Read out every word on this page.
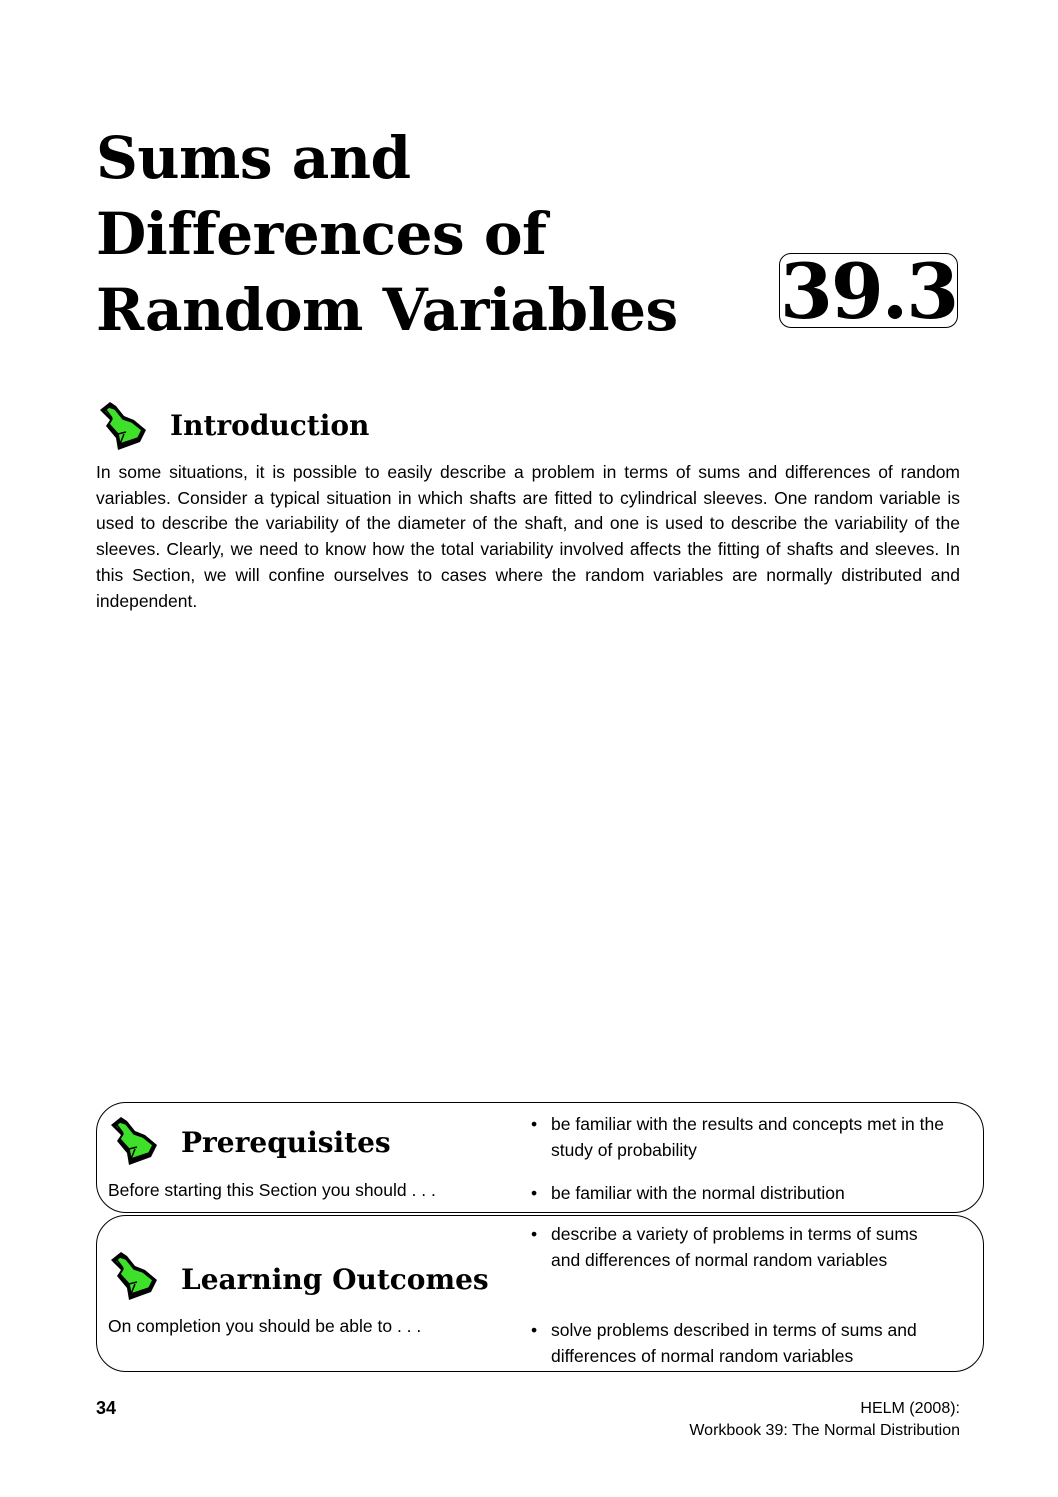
Sums and
Differences of
Random Variables 39.3
Introduction

In some situations, it is possible to easily describe a problem in terms of sums and differences of random variables. Consider a typical situation in which shafts are fitted to cylindrical sleeves. One random variable is used to describe the variability of the diameter of the shaft, and one is used to describe the variability of the sleeves. Clearly, we need to know how the total variability involved affects the fitting of shafts and sleeves. In this Section, we will confine ourselves to cases where the random variables are normally distributed and independent.

Prerequisites

Before starting this Section you should . . .

• be familiar with the results and concepts met in the study of probability
• be familiar with the normal distribution
Learning Outcomes

On completion you should be able to . . .

• describe a variety of problems in terms of sums and differences of normal random variables
• solve problems described in terms of sums and differences of normal random variables

34	HELM (2008):
Workbook 39: The Normal Distribution
